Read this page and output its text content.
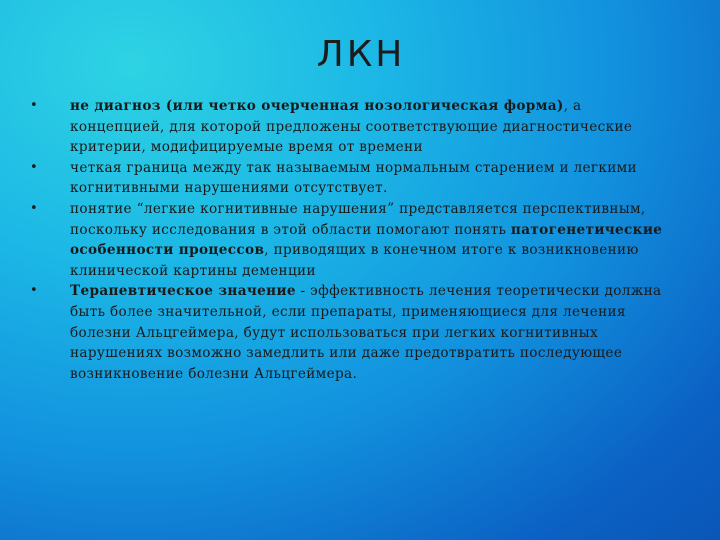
ЛКН
•	не диагноз (или четко очерченная нозологическая форма), а концепцией, для которой предложены соответствующие диагностические критерии, модифицируемые время от времени
•	четкая граница между так называемым нормальным старением и легкими когнитивными нарушениями отсутствует.
•	понятие “легкие когнитивные нарушения” представляется перспективным, поскольку исследования в этой области помогают понять патогенетические особенности процессов, приводящих в конечном итоге к возникновению клинической картины деменции
•	Терапевтическое значение - эффективность лечения теоретически должна быть более значительной, если препараты, применяющиеся для лечения болезни Альцгеймера, будут использоваться при легких когнитивных нарушениях возможно замедлить или даже предотвратить последующее возникновение болезни Альцгеймера.
